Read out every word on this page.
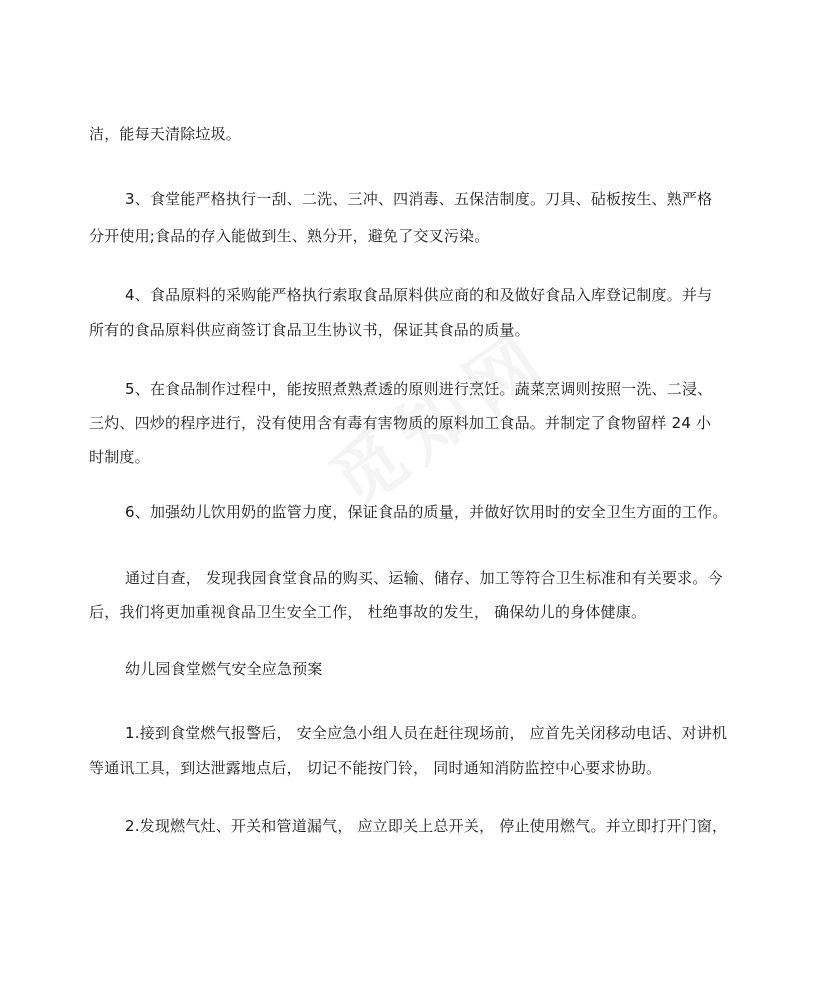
洁，能每天清除垃圾。
3、食堂能严格执行一刮、二洗、三冲、四消毒、五保洁制度。刀具、砧板按生、熟严格
分开使用;食品的存入能做到生、熟分开，避免了交叉污染。
4、食品原料的采购能严格执行索取食品原料供应商的和及做好食品入库登记制度。并与
所有的食品原料供应商签订食品卫生协议书，保证其食品的质量。
5、在食品制作过程中，能按照煮熟煮透的原则进行烹饪。蔬菜烹调则按照一洗、二浸、
三灼、四炒的程序进行，没有使用含有毒有害物质的原料加工食品。并制定了食物留样 24 小
时制度。
6、加强幼儿饮用奶的监管力度，保证食品的质量，并做好饮用时的安全卫生方面的工作。
通过自查， 发现我园食堂食品的购买、运输、储存、加工等符合卫生标准和有关要求。今
后，我们将更加重视食品卫生安全工作， 杜绝事故的发生， 确保幼儿的身体健康。
幼儿园食堂燃气安全应急预案
1.接到食堂燃气报警后， 安全应急小组人员在赶往现场前， 应首先关闭移动电话、对讲机
等通讯工具，到达泄露地点后， 切记不能按门铃， 同时通知消防监控中心要求协助。
2.发现燃气灶、开关和管道漏气， 应立即关上总开关， 停止使用燃气。并立即打开门窗，
